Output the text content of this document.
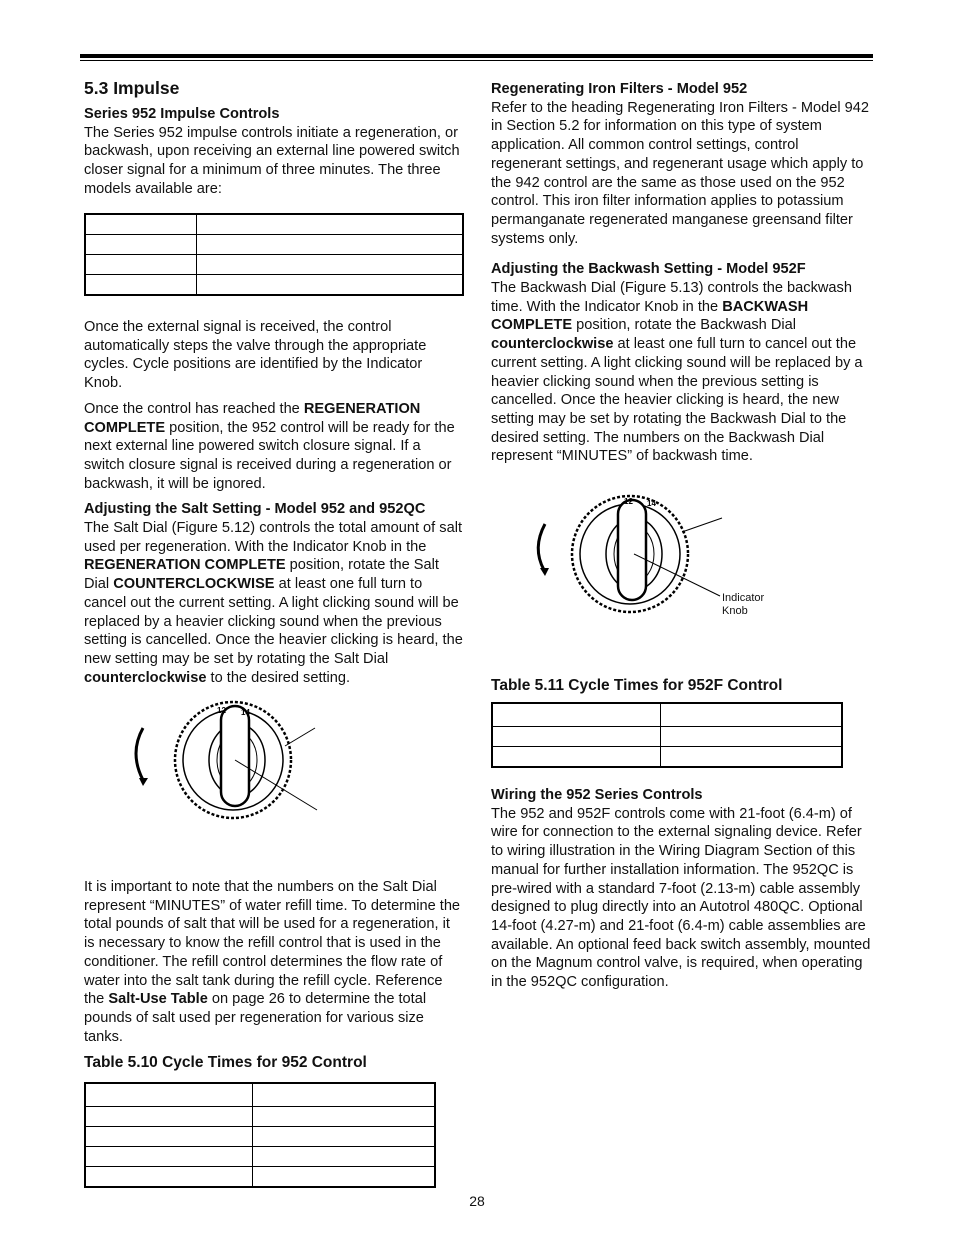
5.3 Impulse
Series 952 Impulse Controls

The Series 952 impulse controls initiate a regeneration, or backwash, upon receiving an external line powered switch closer signal for a minimum of three minutes. The three models available are:

Once the external signal is received, the control automatically steps the valve through the appropriate cycles. Cycle positions are identified by the Indicator Knob.

Once the control has reached the REGENERATION COMPLETE position, the 952 control will be ready for the next external line powered switch closure signal. If a switch closure signal is received during a regeneration or backwash, it will be ignored.

Adjusting the Salt Setting - Model 952 and 952QC

The Salt Dial (Figure 5.12) controls the total amount of salt used per regeneration. With the Indicator Knob in the REGENERATION COMPLETE position, rotate the Salt Dial COUNTERCLOCKWISE at least one full turn to cancel out the current setting. A light clicking sound will be replaced by a heavier clicking sound when the previous setting is cancelled. Once the heavier clicking is heard, the new setting may be set by rotating the Salt Dial counterclockwise to the desired setting.

12 14

It is important to note that the numbers on the Salt Dial represent “MINUTES” of water refill time. To determine the total pounds of salt that will be used for a regeneration, it is necessary to know the refill control that is used in the conditioner. The refill control determines the flow rate of water into the salt tank during the refill cycle. Reference the Salt-Use Table on page 26 to determine the total pounds of salt used per regeneration for various size tanks.

Table 5.10 Cycle Times for 952 Control

Regenerating Iron Filters - Model 952

Refer to the heading Regenerating Iron Filters - Model 942 in Section 5.2 for information on this type of system application. All common control settings, control regenerant settings, and regenerant usage which apply to the 942 control are the same as those used on the 952 control. This iron filter information applies to potassium permanganate regenerated manganese greensand filter systems only.

Adjusting the Backwash Setting - Model 952F

The Backwash Dial (Figure 5.13) controls the backwash time. With the Indicator Knob in the BACKWASH COMPLETE position, rotate the Backwash Dial counterclockwise at least one full turn to cancel out the current setting. A light clicking sound will be replaced by a heavier clicking sound when the previous setting is cancelled. Once the heavier clicking is heard, the new setting may be set by rotating the Backwash Dial to the desired setting. The numbers on the Backwash Dial represent “MINUTES” of backwash time.

12 14
Indicator
Knob

Table 5.11 Cycle Times for 952F Control

Wiring the 952 Series Controls

The 952 and 952F controls come with 21-foot (6.4-m) of wire for connection to the external signaling device. Refer to wiring illustration in the Wiring Diagram Section of this manual for further installation information. The 952QC is pre-wired with a standard 7-foot (2.13-m) cable assembly designed to plug directly into an Autotrol 480QC. Optional 14-foot (4.27-m) and 21-foot (6.4-m) cable assemblies are available. An optional feed back switch assembly, mounted on the Magnum control valve, is required, when operating in the 952QC configuration.

28
